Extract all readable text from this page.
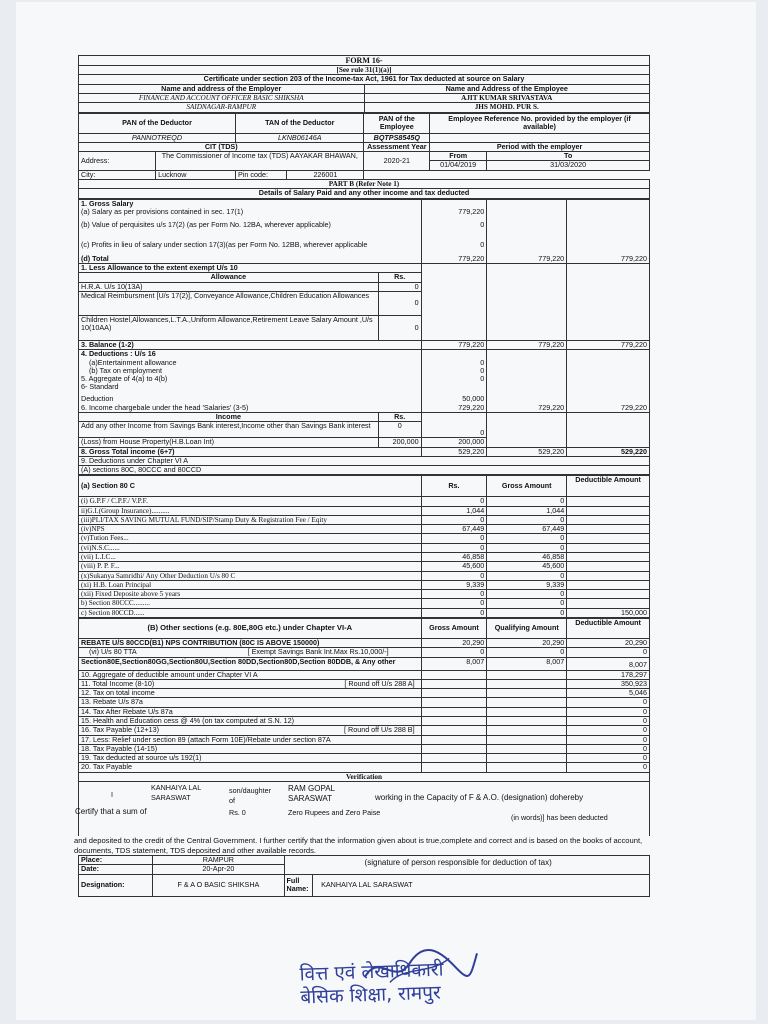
FORM 16-	
[See rule 31(1)(a)]	
Certificate under section 203 of the Income-tax Act, 1961 for Tax deducted at source on Salary	
Name and address of the Employer	Name and Address of the Employee
FINANCE AND ACCOUNT OFFICER BASIC SHIKSHA	AJIT KUMAR SRIVASTAVA
SAIDNAGAR-RAMPUR	JHS MOHD. PUR S.
PAN of the Deductor		TAN of the Deductor		PAN of the Employee	Employee Reference No. provided by the employer (if available)	
PANNOTREQD		LKNB06146A		BQTPS8545Q		
CIT (TDS)				Assessment Year	Period with the employer	
Address:	The Commissioner of Income tax (TDS) AAYAKAR BHAWAN,			2020-21	From	To
					01/04/2019	31/03/2020
City:	Lucknow	Pin code:	226001			
PART B (Refer Note 1)						
Details of Salary Paid and any other income and tax deducted						
1. Gross Salary				
(a) Salary as per provisions contained in sec. 17(1)		779,220		
(b) Value of perquisites u/s 17(2) (as per Form No. 12BA, wherever applicable)		0		
(c) Profits in lieu of salary under section 17(3)(as per Form No. 12BB, wherever applicable		0		
(d) Total		779,220	779,220	779,220
1. Less Allowance to the extent exempt U/s 10				
Allowance	Rs.			
H.R.A. U/s 10(13A)	0			
Medical Reimbursment [U/s 17(2)], Conveyance Allowance,Children Education Allowances	0			
Children Hostel,Allowances,L.T.A.,Uniform Allowance,Retirement Leave Salary Amount ,U/s 10(10AA)	0			
3. Balance (1-2)		779,220	779,220	779,220
4. Deductions : U/s 16				
(a)Entertainment allowance		0		
(b) Tax on employment		0		
5. Aggregate of 4(a) to 4(b)		0		
6- Standard				
Deduction		50,000		
6. Income chargebale under the head 'Salaries' (3-5)		729,220	729,220	729,220
Income	Rs.	0		
Add any other Income from Savings Bank interest,Income other than Savings Bank interest	0			
(Loss) from House Property(H.B.Loan Int)	200,000	200,000		
8. Gross Total income (6+7)		529,220	529,220	529,220
9. Deductions under Chapter VI A				
(A) sections 80C, 80CCC and 80CCD				
(a) Section 80 C	Rs.	Gross Amount	Deductible Amount
(i) G.P.F / C.P.F./ V.P.F.	0	0	
ii)G.I.(Group Insurance)..........	1,044	1,044	
(iii)PLI/TAX SAVING MUTUAL FUND/SIP/Stamp Duty & Registration Fee / Eqity	0	0	
(iv)NPS	67,449	67,449	
(v)Tution Fees...	0	0	
(vi)N.S.C......	0	0	
(vii) L.I.C...	46,858	46,858	
(viii) P. P. F...	45,600	45,600	
(x)Sukanya Samridhi/ Any Other Deduction U/s 80 C	0	0	
(xi) H.B. Loan Principal	9,339	9,339	
(xii) Fixed Deposite above 5 years	0	0	
b) Section 80CCC.........	0	0	
c) Section 80CCD......	0	0	150,000
(B) Other sections (e.g. 80E,80G etc.) under Chapter VI-A	Gross Amount	Qualifying Amount	Deductible Amount
REBATE U/S 80CCD(B1) NPS CONTRIBUTION (80C IS ABOVE 150000)	20,290	20,290	20,290
(vi) U/s 80 TTA [ Exempt Savings Bank Int.Max Rs.10,000/-]	0	0	0
Section80E,Section80GG,Section80U,Section 80DD,Section80D,Section 80DDB, & Any other	8,007	8,007	8,007
10. Aggregate of deductible amount under Chapter VI A			178,297
11. Total Income (8-10) [ Round off U/s 288 A]			350,923
12. Tax on total income			5,046
13. Rebate U/s 87a			0
14. Tax After Rebate U/s 87a			0
15. Health and Education cess @ 4% (on tax computed at S.N. 12)			0
16. Tax Payable (12+13) [ Round off U/s 288 B]			0
17. Less: Relief under section 89 (attach Form 10E)/Rebate under section 87A			0
18. Tax Payable (14-15)			0
19. Tax deducted at source u/s 192(1)			0
20. Tax Payable			0
Verification			
I
KANHAIYA LAL
SARASWAT
son/daughter
of
RAM GOPAL
SARASWAT	working in the Capacity of F & A.O. (designation) dohereby
Certify that a sum of	Rs. 0	Zero Rupees and Zero Paise
(in words)] has been deducted
and deposited to the credit of the Central Government. I further certify that the information given about is true,complete and correct and is based on the books of account, documents, TDS statement, TDS deposited and other available records.
Place:	RAMPUR	(signature of person responsible for deduction of tax)	
Date:	20-Apr-20		
Designation:	F & A O BASIC SHIKSHA	Full Name:	KANHAIYA LAL SARASWAT
वित्त एवं लेखाधिकारी
बेसिक शिक्षा, रामपुर
